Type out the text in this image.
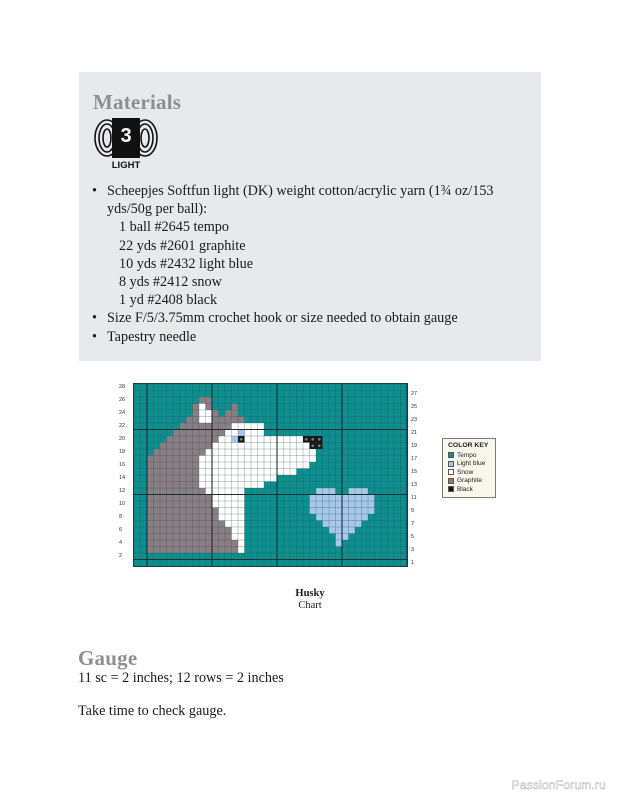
Materials
3
LIGHT
• Scheepjes Softfun light (DK) weight cotton/acrylic yarn (1¾ oz/153
yds/50g per ball):
1 ball #2645 tempo
22 yds #2601 graphite
10 yds #2432 light blue
8 yds #2412 snow
1 yd #2408 black
• Size F/5/3.75mm crochet hook or size needed to obtain gauge
• Tapestry needle
28
26
24
22
20
18
16
14
12
10
8
6
4
2
27
25
23
21
19
17
15
13
11
9
7
5
3
1
COLOR KEY
Tempo
Light blue
Snow
Graphite
Black
Husky
Chart
Gauge
11 sc = 2 inches; 12 rows = 2 inches
Take time to check gauge.
PassionForum.ru
